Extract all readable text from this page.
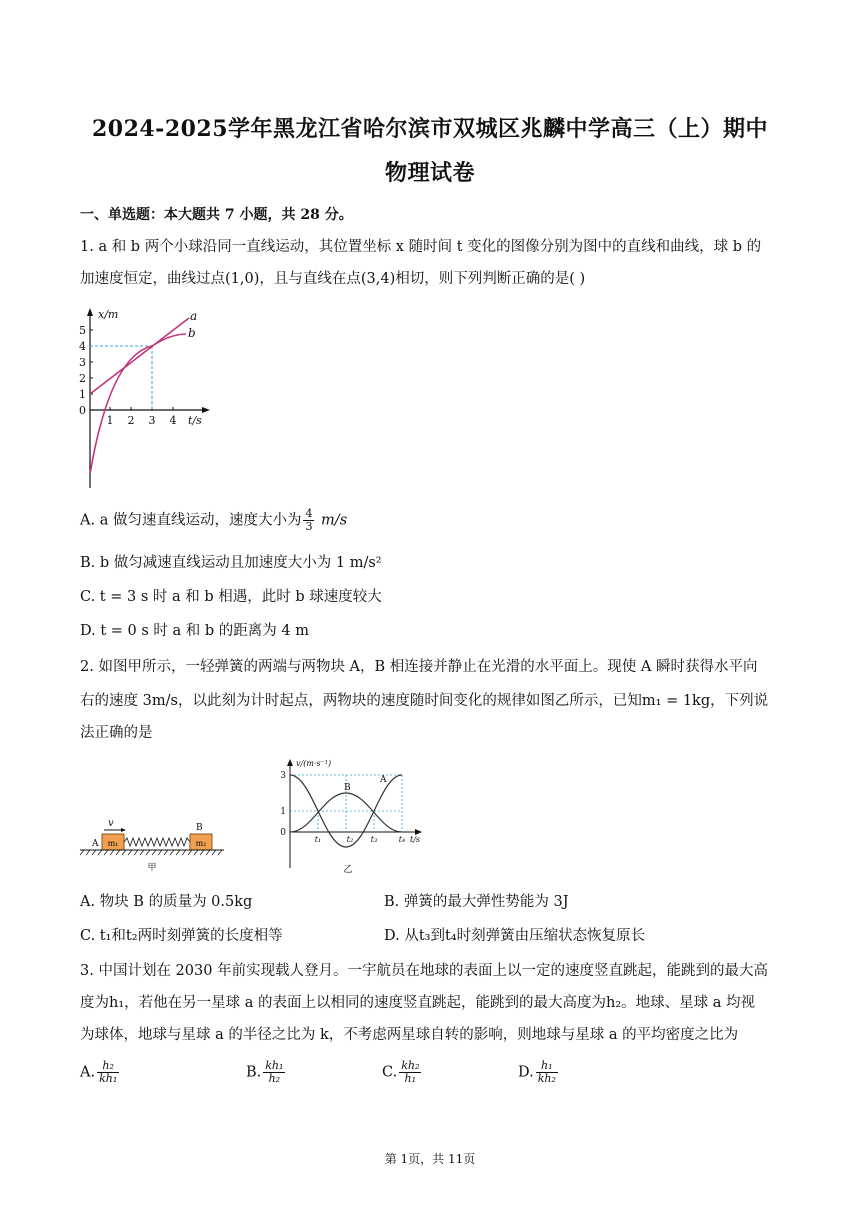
2024-2025学年黑龙江省哈尔滨市双城区兆麟中学高三（上）期中
物理试卷
一、单选题：本大题共 7 小题，共 28 分。
1. a 和 b 两个小球沿同一直线运动，其位置坐标 x 随时间 t 变化的图像分别为图中的直线和曲线，球 b 的
加速度恒定，曲线过点(1,0)，且与直线在点(3,4)相切，则下列判断正确的是( )
5
4
3
2
1
0
1 2 3 4
x/m
t/s
a
b
A. a 做匀速直线运动，速度大小为 $\frac{4}{3} m/s$
B. b 做匀减速直线运动且加速度大小为 1 m/s²
C. t = 3 s 时 a 和 b 相遇，此时 b 球速度较大
D. t = 0 s 时 a 和 b 的距离为 4 m
2. 如图甲所示，一轻弹簧的两端与两物块 A，B 相连接并静止在光滑的水平面上。现使 A 瞬时获得水平向
右的速度 3m/s，以此刻为计时起点，两物块的速度随时间变化的规律如图乙所示，已知m₁ = 1kg，下列说
法正确的是
v
A
B
m₁	m₂
甲
v/(m·s⁻¹)
t/s
3
1
0
t₁	t₂ t₃	t₄
B
A
乙
A. 物块 B 的质量为 0.5kg	B. 弹簧的最大弹性势能为 3J
C. t₁和t₂两时刻弹簧的长度相等	D. 从t₃到t₄时刻弹簧由压缩状态恢复原长
3. 中国计划在 2030 年前实现载人登月。一宇航员在地球的表面上以一定的速度竖直跳起，能跳到的最大高
度为h₁，若他在另一星球 a 的表面上以相同的速度竖直跳起，能跳到的最大高度为h₂。地球、星球 a 均视
为球体，地球与星球 a 的半径之比为 k，不考虑两星球自转的影响，则地球与星球 a 的平均密度之比为
A. $\frac{\text{h₂}}{\text{kh₁}}$	B. $\frac{\text{kh₁}}{\text{h₂}}$	C. $\frac{\text{kh₂}}{\text{h₁}}$	D. $\frac{\text{h₁}}{\text{kh₂}}$
第 1页，共 11页
